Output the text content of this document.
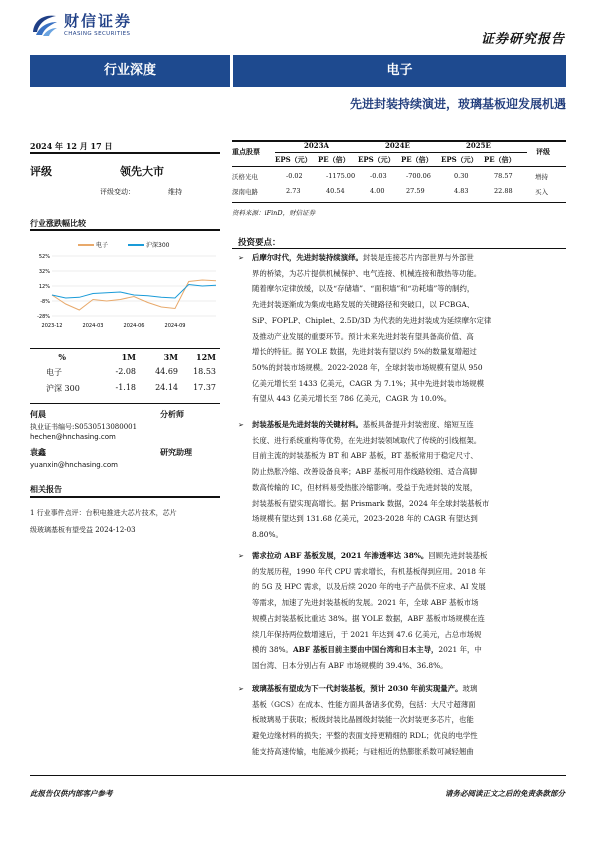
财信证券
CHASING SECURITIES	证券研究报告
行业深度	电子
先进封装持续演进，玻璃基板迎发展机遇
2024 年 12 月 17 日
评级	领先大市
评级变动：	维持
行业涨跌幅比较
电子	沪深300
52%
32%
12%
-8%
-28%
2023-12	2024-03	2024-06	2024-09
%	1M	3M	12M
电子	-2.08	44.69	18.53
沪深 300	-1.18	24.14	17.37
何晨	分析师
执业证书编号:S0530513080001
hechen@hnchasing.com
袁鑫	研究助理
yuanxin@hnchasing.com
相关报告
1 行业事件点评：台积电推进大芯片技术，芯片
级玻璃基板有望受益 2024-12-03
重点股票
2023A	2024E	2025E
评级
EPS（元） PE（倍） EPS（元） PE（倍） EPS（元） PE（倍）
沃格光电	-0.02	-1175.00 -0.03	-700.06	0.30	78.57	增持
深南电路	2.73	40.54	4.00	27.59	4.83	22.88	买入
资料来源：iFinD，财信证券
投资要点：
➢ 后摩尔时代，先进封装持续演绎。封装是连接芯片内部世界与外部世
界的桥梁，为芯片提供机械保护、电气连接、机械连接和散热等功能。
随着摩尔定律放缓，以及“存储墙”、“面积墙”和“功耗墙”等的制约，
先进封装逐渐成为集成电路发展的关键路径和突破口，以 FCBGA、
SiP、FOPLP、Chiplet、2.5D/3D 为代表的先进封装成为延续摩尔定律
及推动产业发展的重要环节。预计未来先进封装有望具备高价值、高
增长的特征。据 YOLE 数据，先进封装有望以约 5%的数量复增超过
50%的封装市场规模。2022-2028 年，全球封装市场规模有望从 950
亿美元增长至 1433 亿美元，CAGR 为 7.1%；其中先进封装市场规模
有望从 443 亿美元增长至 786 亿美元，CAGR 为 10.0%。
➢ 封装基板是先进封装的关键材料。基板具备提升封装密度、缩短互连
长度、进行系统重构等优势，在先进封装领域取代了传统的引线框架。
目前主流的封装基板为 BT 和 ABF 基板，BT 基板常用于稳定尺寸、
防止热胀冷缩、改善设备良率；ABF 基板可用作线路较细、适合高脚
数高传输的 IC，但材料易受热胀冷缩影响。受益于先进封装的发展，
封装基板有望实现高增长。据 Prismark 数据，2024 年全球封装基板市
场规模有望达到 131.68 亿美元，2023-2028 年的 CAGR 有望达到
8.80%。
➢ 需求拉动 ABF 基板发展，2021 年渗透率达 38%。回顾先进封装基板
的发展历程，1990 年代 CPU 需求增长，有机基板得到应用。2018 年
的 5G 及 HPC 需求，以及后续 2020 年的电子产品供不应求、AI 发展
等需求，加速了先进封装基板的发展。2021 年，全球 ABF 基板市场
规模占封装基板比重达 38%。据 YOLE 数据，ABF 基板市场规模在连
续几年保持两位数增速后，于 2021 年达到 47.6 亿美元，占总市场规
模的 38%。ABF 基板目前主要由中国台湾和日本主导，2021 年，中
国台湾、日本分别占有 ABF 市场规模的 39.4%、36.8%。
➢ 玻璃基板有望成为下一代封装基板，预计 2030 年前实现量产。玻璃
基板（GCS）在成本、性能方面具备诸多优势，包括：大尺寸超薄面
板玻璃易于获取；板级封装比晶圆级封装能一次封装更多芯片，也能
避免边缘材料的损失；平整的表面支持更精细的 RDL；优良的电学性
能支持高速传输，电能减少损耗；与硅相近的热膨胀系数可减轻翘曲
此报告仅供内部客户参考	请务必阅读正文之后的免责条款部分
